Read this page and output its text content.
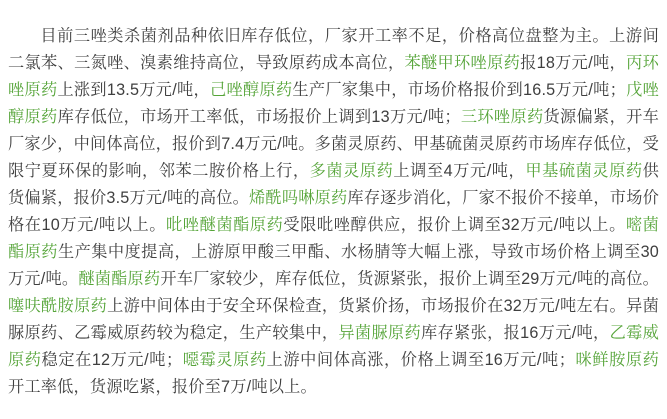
目前三唑类杀菌剂品种依旧库存低位，厂家开工率不足，价格高位盘整为主。上游间二氯苯、三氮唑、溴素维持高位，导致原药成本高位，苯醚甲环唑原药报18万元/吨，丙环唑原药上涨到13.5万元/吨，己唑醇原药生产厂家集中，市场价格报价到16.5万元/吨；戊唑醇原药库存低位，市场开工率低，市场报价上调到13万元/吨；三环唑原药货源偏紧，开车厂家少，中间体高位，报价到7.4万元/吨。多菌灵原药、甲基硫菌灵原药市场库存低位，受限宁夏环保的影响，邻苯二胺价格上行，多菌灵原药上调至4万元/吨，甲基硫菌灵原药供货偏紧，报价3.5万元/吨的高位。烯酰吗啉原药库存逐步消化，厂家不报价不接单，市场价格在10万元/吨以上。吡唑醚菌酯原药受限吡唑醇供应，报价上调至32万元/吨以上。嘧菌酯原药生产集中度提高，上游原甲酸三甲酯、水杨腈等大幅上涨，导致市场价格上调至30万元/吨。醚菌酯原药开车厂家较少，库存低位，货源紧张，报价上调至29万元/吨的高位。噻呋酰胺原药上游中间体由于安全环保检查，货紧价扬，市场报价在32万元/吨左右。异菌脲原药、乙霉威原药较为稳定，生产较集中，异菌脲原药库存紧张，报16万元/吨，乙霉威原药稳定在12万元/吨；噁霉灵原药上游中间体高涨，价格上调至16万元/吨；咪鲜胺原药开工率低，货源吃紧，报价至7万/吨以上。
